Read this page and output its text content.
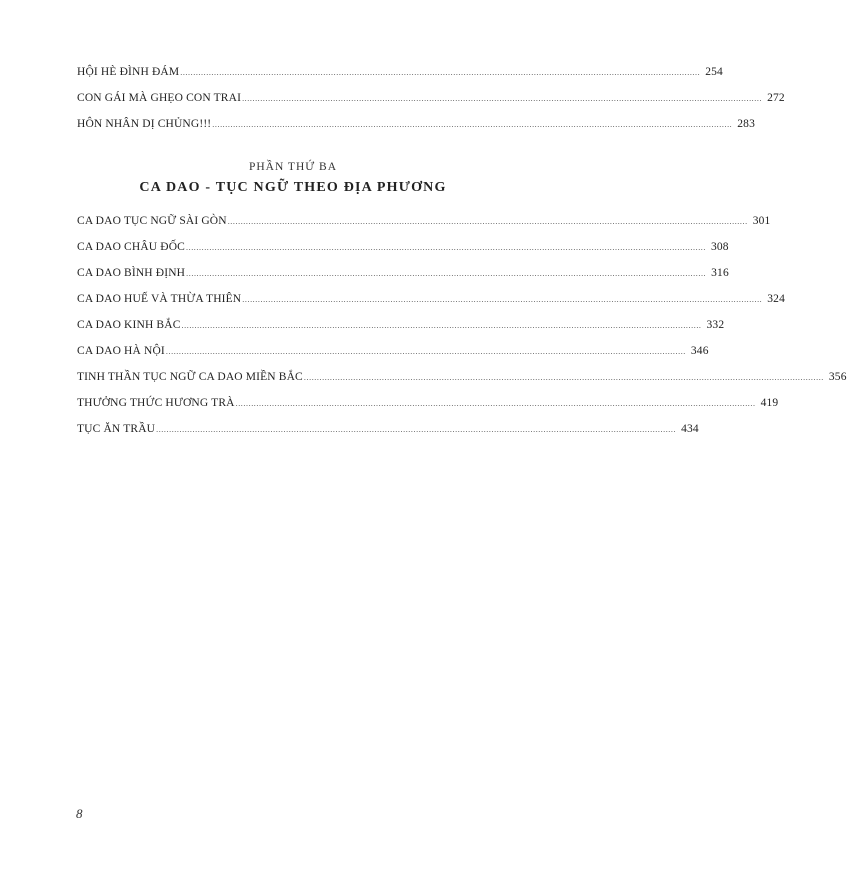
HỘI HÈ ĐÌNH ĐÁM ........................................................................................................................................................................................................ 254
CON GÁI MÀ GHẸO CON TRAI ........................................................................................................................................................................................................ 272
HÔN NHÂN DỊ CHỦNG!!! ........................................................................................................................................................................................................ 283
PHẦN THỨ BA
CA DAO - TỤC NGỮ THEO ĐỊA PHƯƠNG
CA DAO TỤC NGỮ SÀI GÒN ........................................................................................................................................................................................................ 301
CA DAO CHÂU ĐỐC ........................................................................................................................................................................................................ 308
CA DAO BÌNH ĐỊNH ........................................................................................................................................................................................................ 316
CA DAO HUẾ VÀ THỪA THIÊN ........................................................................................................................................................................................................ 324
CA DAO KINH BẮC ........................................................................................................................................................................................................ 332
CA DAO HÀ NỘI ........................................................................................................................................................................................................ 346
TINH THẦN TỤC NGỮ CA DAO MIỀN BẮC ........................................................................................................................................................................................................ 356
THƯỞNG THỨC HƯƠNG TRÀ ........................................................................................................................................................................................................ 419
TỤC ĂN TRẦU ........................................................................................................................................................................................................ 434
8
